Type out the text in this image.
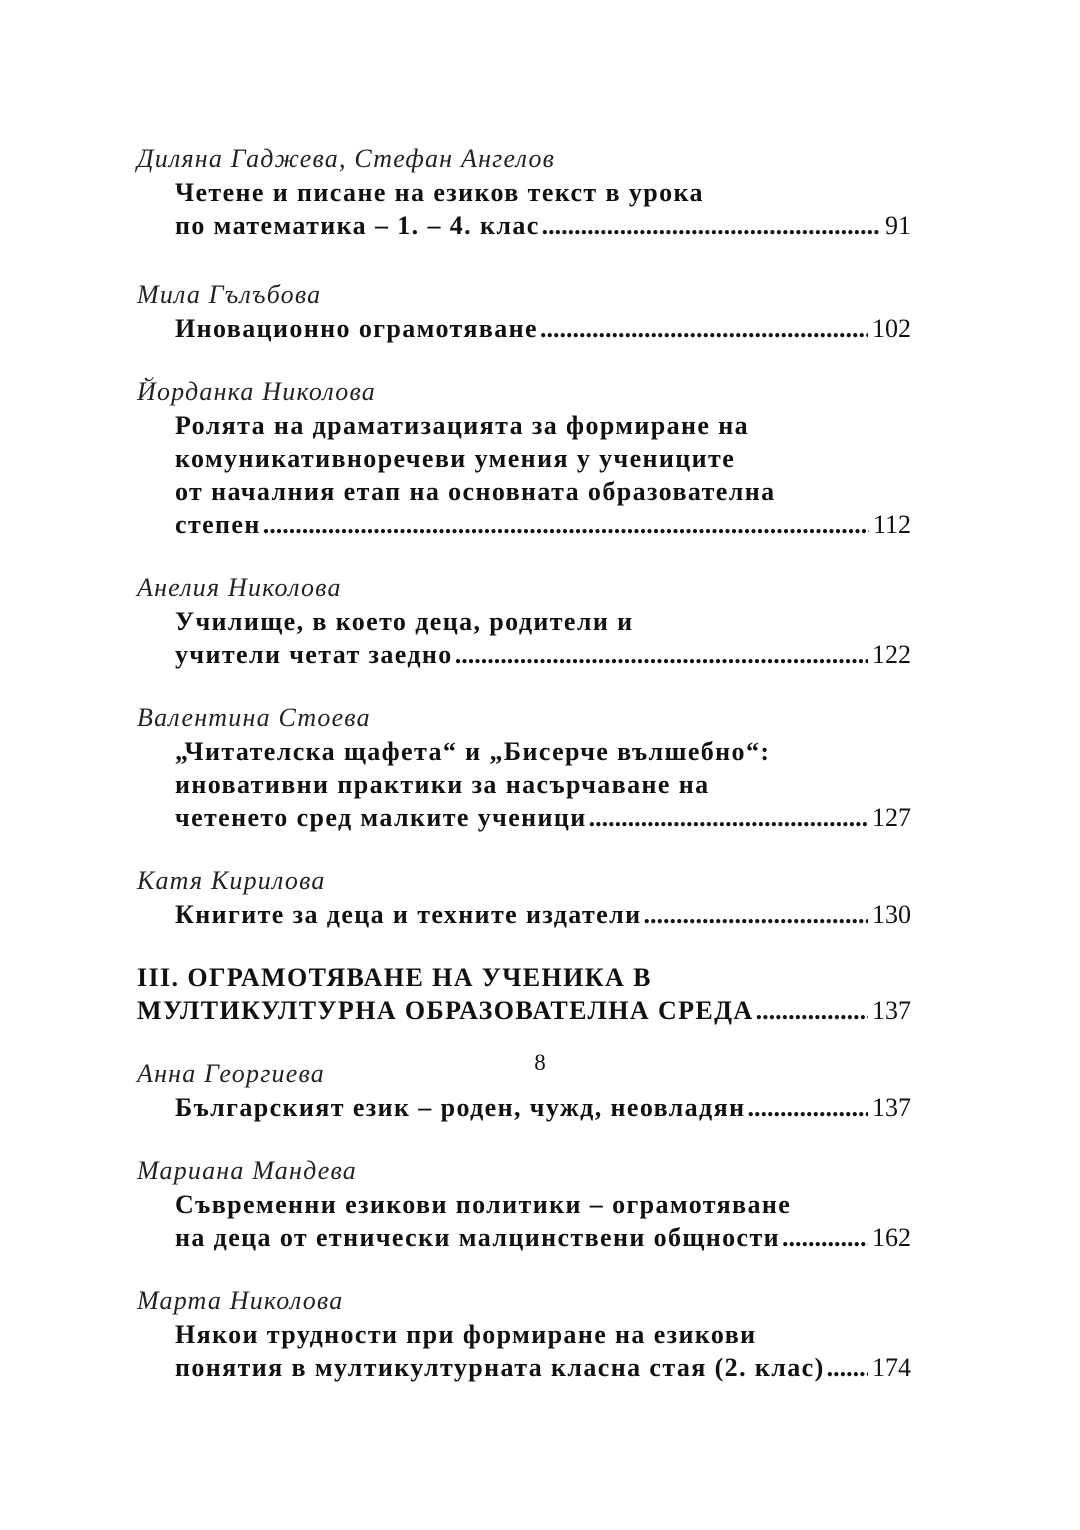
Диляна Гаджева, Стефан Ангелов
Четене и писане на езиков текст в урока
по математика – 1. – 4. клас .....	91
Мила Гълъбова
Иновационно ограмотяване .....	102
Йорданка Николова
Ролята на драматизацията за формиране на
комуникативноречеви умения у учениците
от началния етап на основната образователна
степен .....	112
Анелия Николова
Училище, в което деца, родители и
учители четат заедно .....	122
Валентина Стоева
„Читателска щафета“ и „Бисерче вълшебно“:
иновативни практики за насърчаване на
четенето сред малките ученици .....	127
Катя Кирилова
Книгите за деца и техните издатели .....	130
III. ОГРАМОТЯВАНЕ НА УЧЕНИКА В
МУЛТИКУЛТУРНА ОБРАЗОВАТЕЛНА СРЕДА .....	137
Анна Георгиева
Българският език – роден, чужд, неовладян .....	137
Мариана Мандева
Съвременни езикови политики – ограмотяване
на деца от етнически малцинствени общности .....	162
Марта Николова
Някои трудности при формиране на езикови
понятия в мултикултурната класна стая (2. клас) ..... 174
8
